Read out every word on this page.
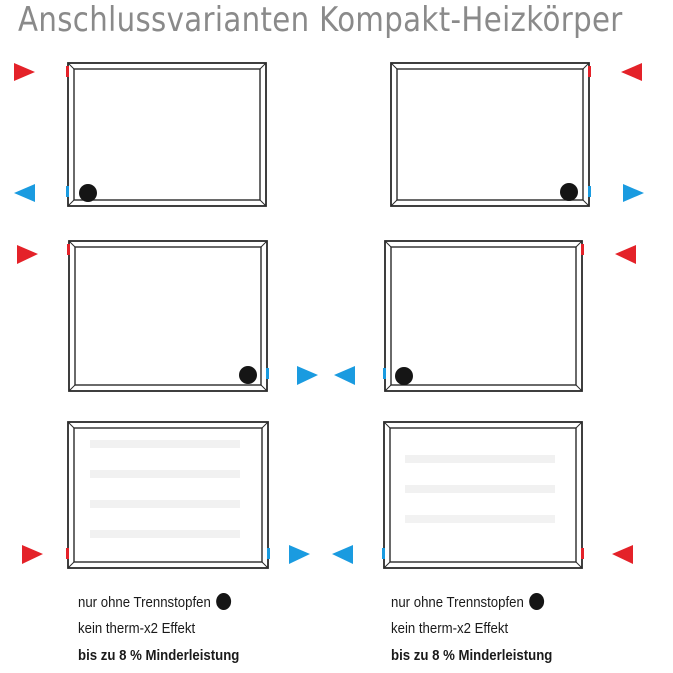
Anschlussvarianten Kompakt-Heizkörper
nur ohne Trennstopfen
kein therm-x2 Effekt
bis zu 8 % Minderleistung
nur ohne Trennstopfen
kein therm-x2 Effekt
bis zu 8 % Minderleistung
